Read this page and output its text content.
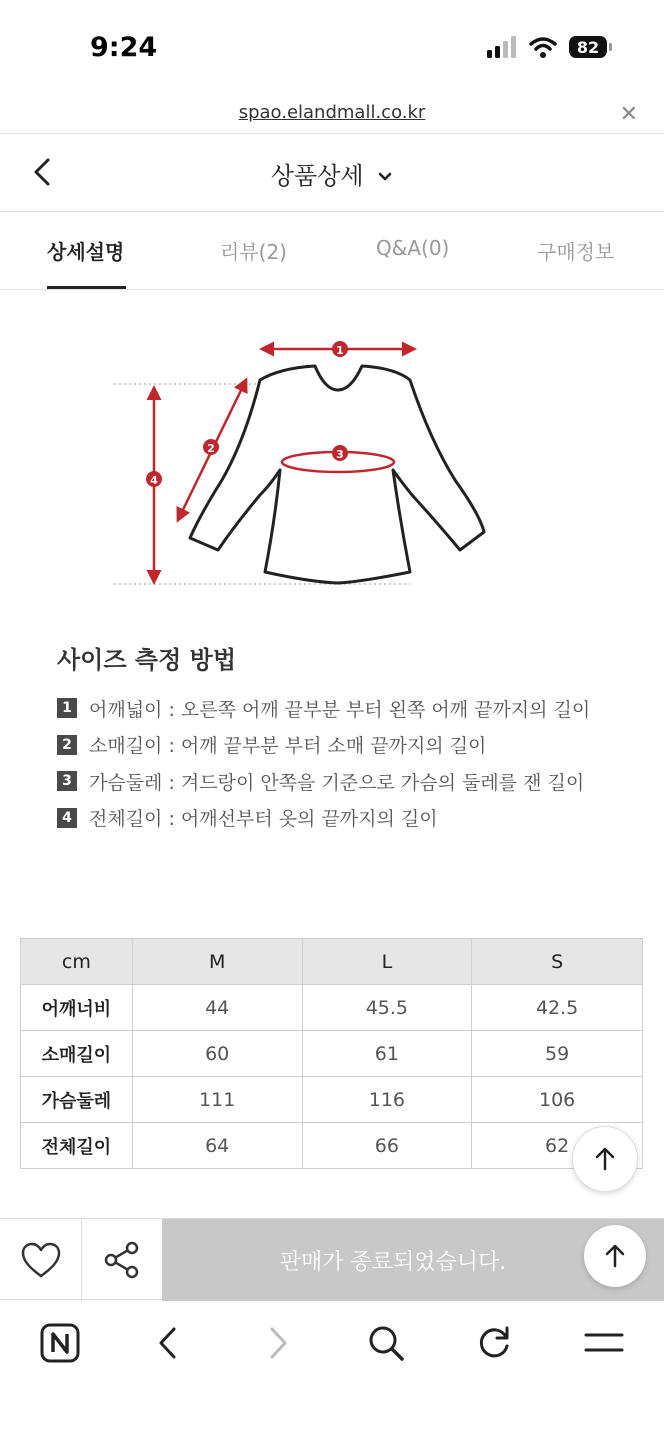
9:24	82
spao.elandmall.co.kr	✕
상품상세
상세설명	리뷰(2)	Q&A(0)	구매정보
1
2	3
4
사이즈 측정 방법
1 어깨넓이 : 오른쪽 어깨 끝부분 부터 왼쪽 어깨 끝까지의 길이
2 소매길이 : 어깨 끝부분 부터 소매 끝까지의 길이
3 가슴둘레 : 겨드랑이 안쪽을 기준으로 가슴의 둘레를 잰 길이
4 전체길이 : 어깨선부터 옷의 끝까지의 길이
cm	M	L	S
어깨너비	44	45.5	42.5
소매길이	60	61	59
가슴둘레	111	116	106
전체길이	64	66	62
판매가 종료되었습니다.
